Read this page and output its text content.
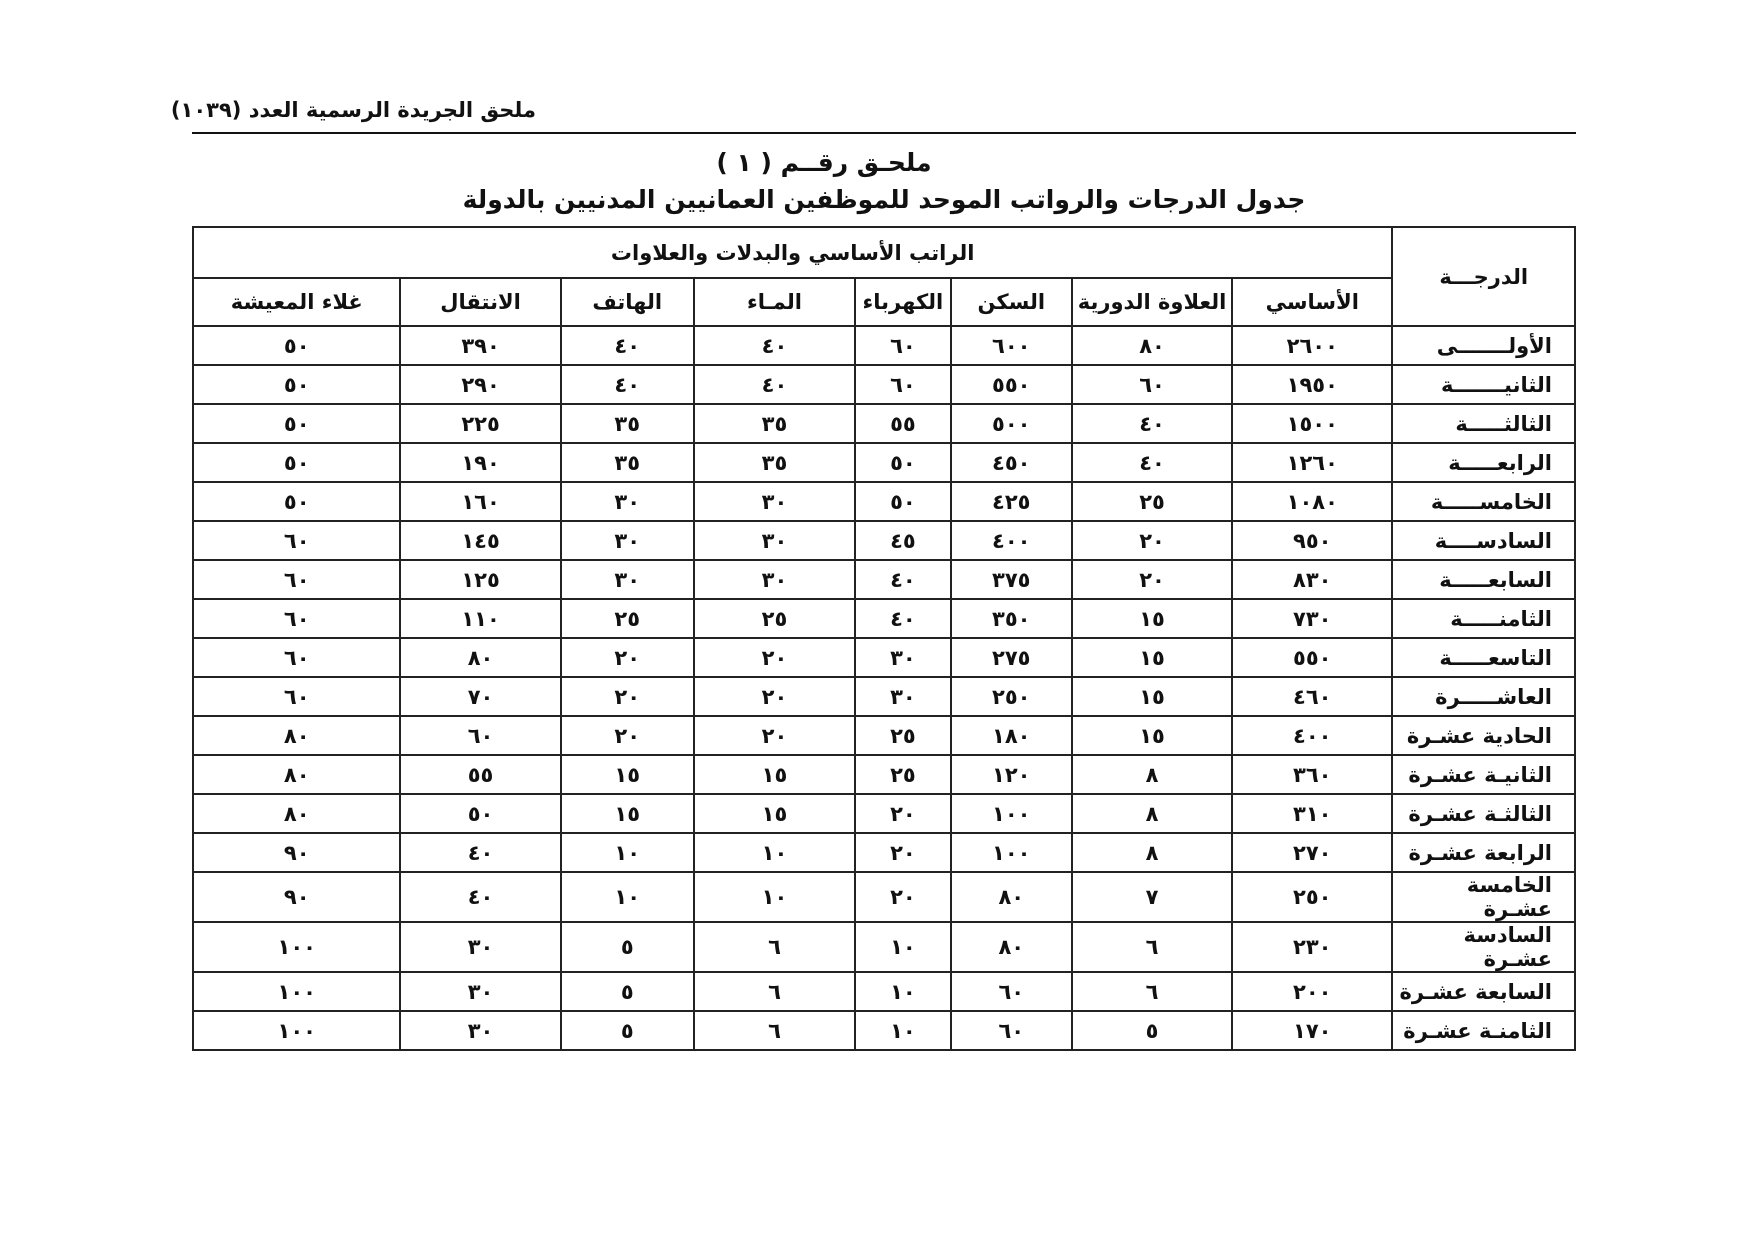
ملحق الجريدة الرسمية العدد (١٠٣٩)
ملحـق رقــم ( ١ )
جدول الدرجات والرواتب الموحد للموظفين العمانيين المدنيين بالدولة
الدرجـــة	الراتب الأساسي والبدلات والعلاوات							
	الأساسي	العلاوة الدورية	السكن	الكهرباء	المـاء	الهاتف	الانتقال	غلاء المعيشة
الأولـــــــى	٢٦٠٠	٨٠	٦٠٠	٦٠	٤٠	٤٠	٣٩٠	٥٠
الثانيـــــــة	١٩٥٠	٦٠	٥٥٠	٦٠	٤٠	٤٠	٢٩٠	٥٠
الثالثـــــة	١٥٠٠	٤٠	٥٠٠	٥٥	٣٥	٣٥	٢٢٥	٥٠
الرابعـــــة	١٢٦٠	٤٠	٤٥٠	٥٠	٣٥	٣٥	١٩٠	٥٠
الخامســـــة	١٠٨٠	٢٥	٤٢٥	٥٠	٣٠	٣٠	١٦٠	٥٠
السادســــة	٩٥٠	٢٠	٤٠٠	٤٥	٣٠	٣٠	١٤٥	٦٠
السابعـــــة	٨٣٠	٢٠	٣٧٥	٤٠	٣٠	٣٠	١٢٥	٦٠
الثامنـــــة	٧٣٠	١٥	٣٥٠	٤٠	٢٥	٢٥	١١٠	٦٠
التاسعـــــة	٥٥٠	١٥	٢٧٥	٣٠	٢٠	٢٠	٨٠	٦٠
العاشـــــرة	٤٦٠	١٥	٢٥٠	٣٠	٢٠	٢٠	٧٠	٦٠
الحادية عشـرة	٤٠٠	١٥	١٨٠	٢٥	٢٠	٢٠	٦٠	٨٠
الثانيـة عشـرة	٣٦٠	٨	١٢٠	٢٥	١٥	١٥	٥٥	٨٠
الثالثـة عشـرة	٣١٠	٨	١٠٠	٢٠	١٥	١٥	٥٠	٨٠
الرابعة عشـرة	٢٧٠	٨	١٠٠	٢٠	١٠	١٠	٤٠	٩٠
الخامسة عشـرة	٢٥٠	٧	٨٠	٢٠	١٠	١٠	٤٠	٩٠
السادسة عشـرة	٢٣٠	٦	٨٠	١٠	٦	٥	٣٠	١٠٠
السابعة عشـرة	٢٠٠	٦	٦٠	١٠	٦	٥	٣٠	١٠٠
الثامنـة عشـرة	١٧٠	٥	٦٠	١٠	٦	٥	٣٠	١٠٠
